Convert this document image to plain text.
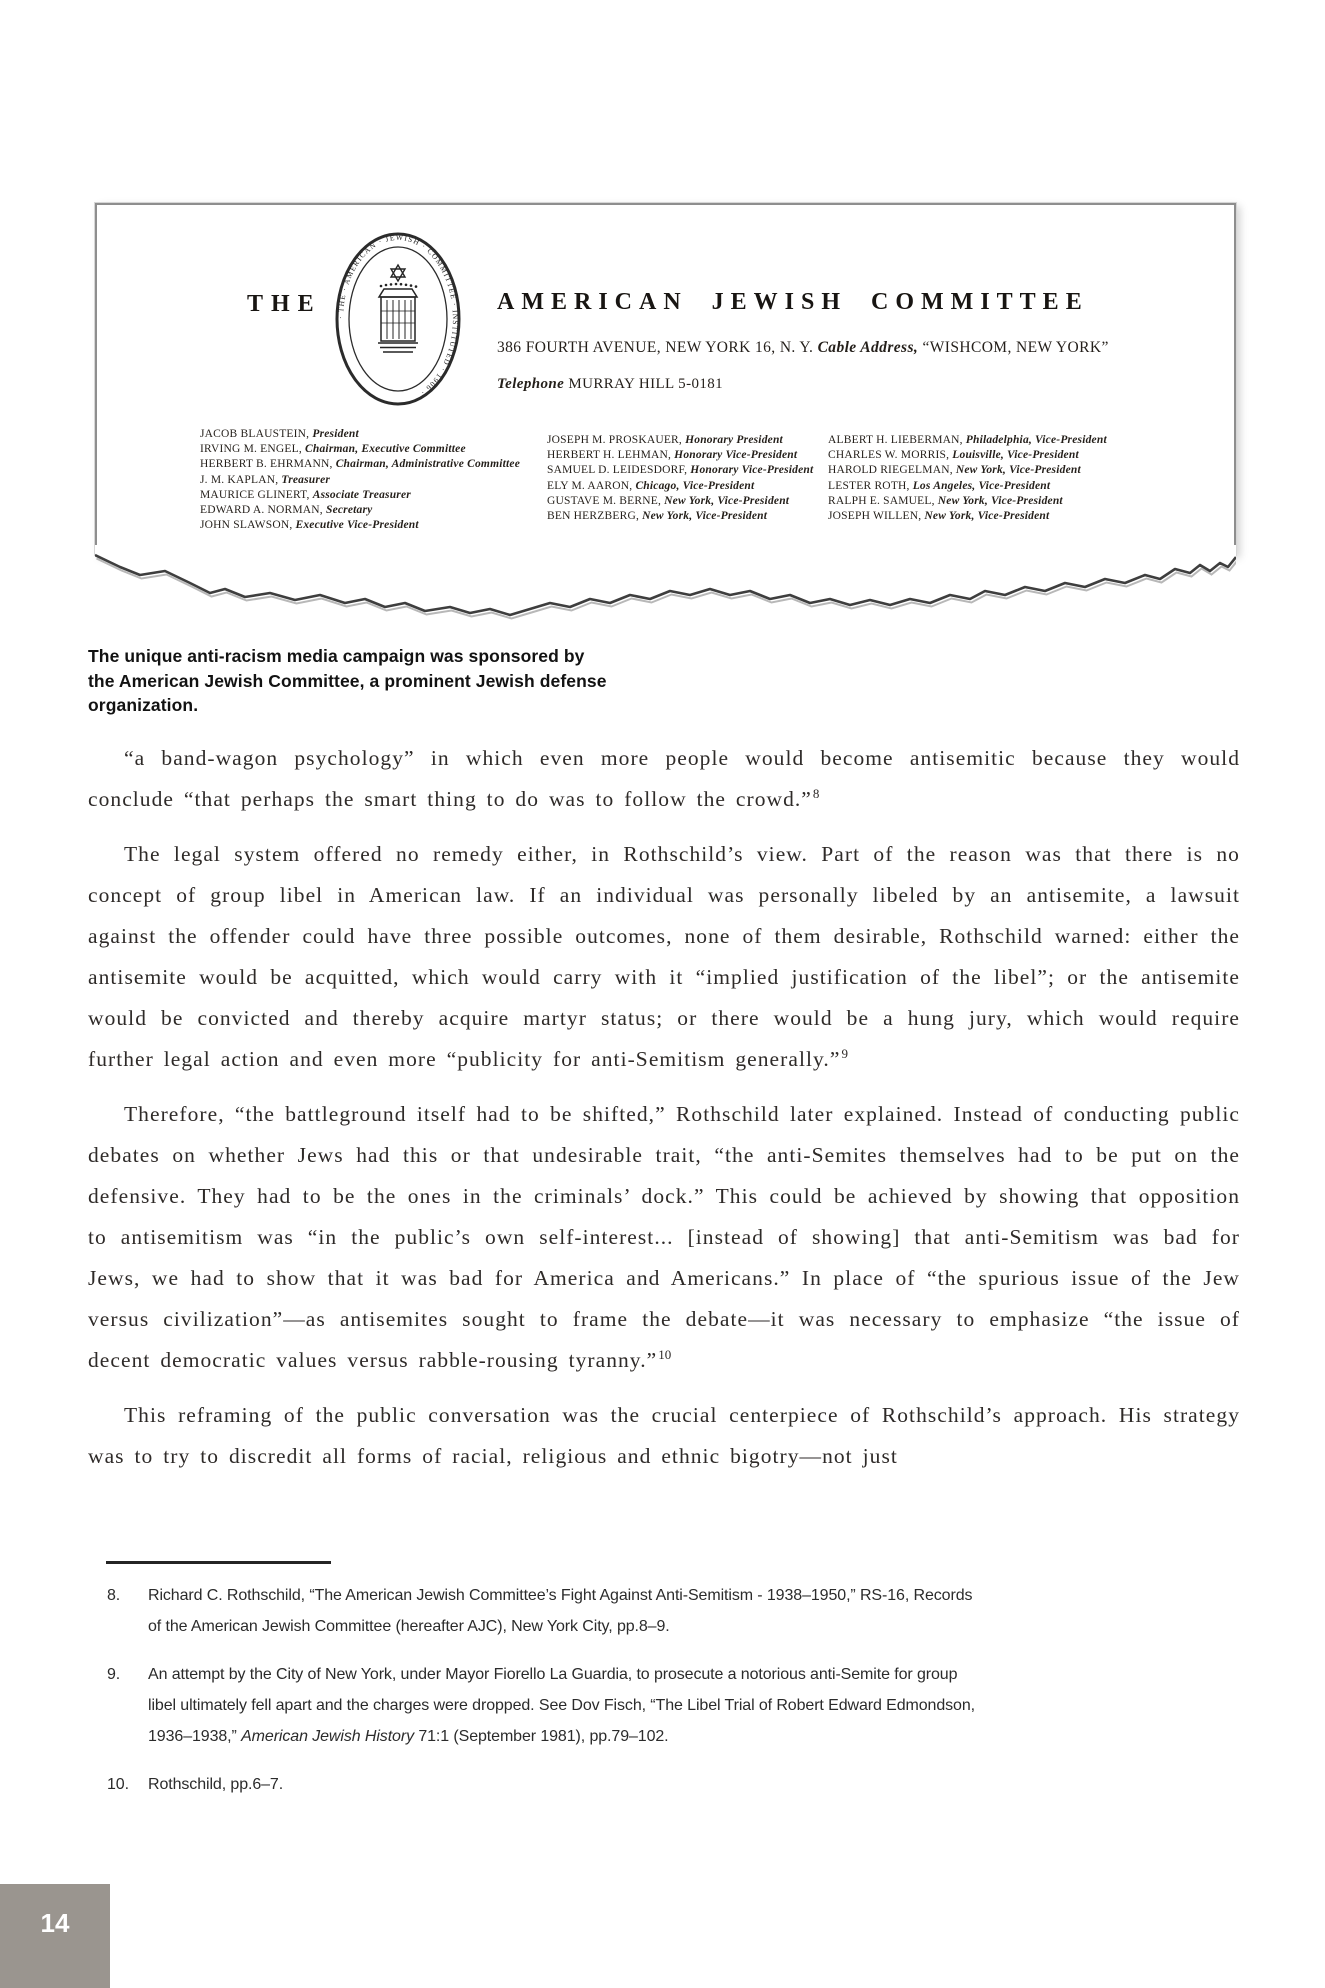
· THE · AMERICAN · JEWISH · COMMITTEE · INSTITUTED · 1906 ·
THE	AMERICAN JEWISH COMMITTEE
386 FOURTH AVENUE, NEW YORK 16, N. Y. Cable Address, “WISHCOM, NEW YORK”
Telephone MURRAY HILL 5-0181
JACOB BLAUSTEIN, President
IRVING M. ENGEL, Chairman, Executive Committee
HERBERT B. EHRMANN, Chairman, Administrative Committee
J. M. KAPLAN, Treasurer
MAURICE GLINERT, Associate Treasurer
EDWARD A. NORMAN, Secretary
JOHN SLAWSON, Executive Vice-President
JOSEPH M. PROSKAUER, Honorary President
HERBERT H. LEHMAN, Honorary Vice-President
SAMUEL D. LEIDESDORF, Honorary Vice-President
ELY M. AARON, Chicago, Vice-President
GUSTAVE M. BERNE, New York, Vice-President
BEN HERZBERG, New York, Vice-President
ALBERT H. LIEBERMAN, Philadelphia, Vice-President
CHARLES W. MORRIS, Louisville, Vice-President
HAROLD RIEGELMAN, New York, Vice-President
LESTER ROTH, Los Angeles, Vice-President
RALPH E. SAMUEL, New York, Vice-President
JOSEPH WILLEN, New York, Vice-President
The unique anti-racism media campaign was sponsored by
the American Jewish Committee, a prominent Jewish defense
organization.

“a band-wagon psychology” in which even more people would become antisemitic because they would conclude “that perhaps the smart thing to do was to follow the crowd.”$^8$

The legal system offered no remedy either, in Rothschild’s view. Part of the reason was that there is no concept of group libel in American law. If an individual was personally libeled by an antisemite, a lawsuit against the offender could have three possible outcomes, none of them desirable, Rothschild warned: either the antisemite would be acquitted, which would carry with it “implied justification of the libel”; or the antisemite would be convicted and thereby acquire martyr status; or there would be a hung jury, which would require further legal action and even more “publicity for anti-Semitism generally.”$^9$

Therefore, “the battleground itself had to be shifted,” Rothschild later explained. Instead of conducting public debates on whether Jews had this or that undesirable trait, “the anti-Semites themselves had to be put on the defensive. They had to be the ones in the criminals’ dock.” This could be achieved by showing that opposition to antisemitism was “in the public’s own self-interest... [instead of showing] that anti-Semitism was bad for Jews, we had to show that it was bad for America and Americans.” In place of “the spurious issue of the Jew versus civilization”—as antisemites sought to frame the debate—it was necessary to emphasize “the issue of decent democratic values versus rabble-rousing tyranny.”$^{10}$

This reframing of the public conversation was the crucial centerpiece of Rothschild’s approach. His strategy was to try to discredit all forms of racial, religious and ethnic bigotry—not just

8.	Richard C. Rothschild, “The American Jewish Committee’s Fight Against Anti-Semitism - 1938–1950,” RS-16, Records of the American Jewish Committee (hereafter AJC), New York City, pp.8–9.
9.	An attempt by the City of New York, under Mayor Fiorello La Guardia, to prosecute a notorious anti-Semite for group libel ultimately fell apart and the charges were dropped. See Dov Fisch, “The Libel Trial of Robert Edward Edmondson, 1936–1938,” American Jewish History 71:1 (September 1981), pp.79–102.
10.	Rothschild, pp.6–7.
14
